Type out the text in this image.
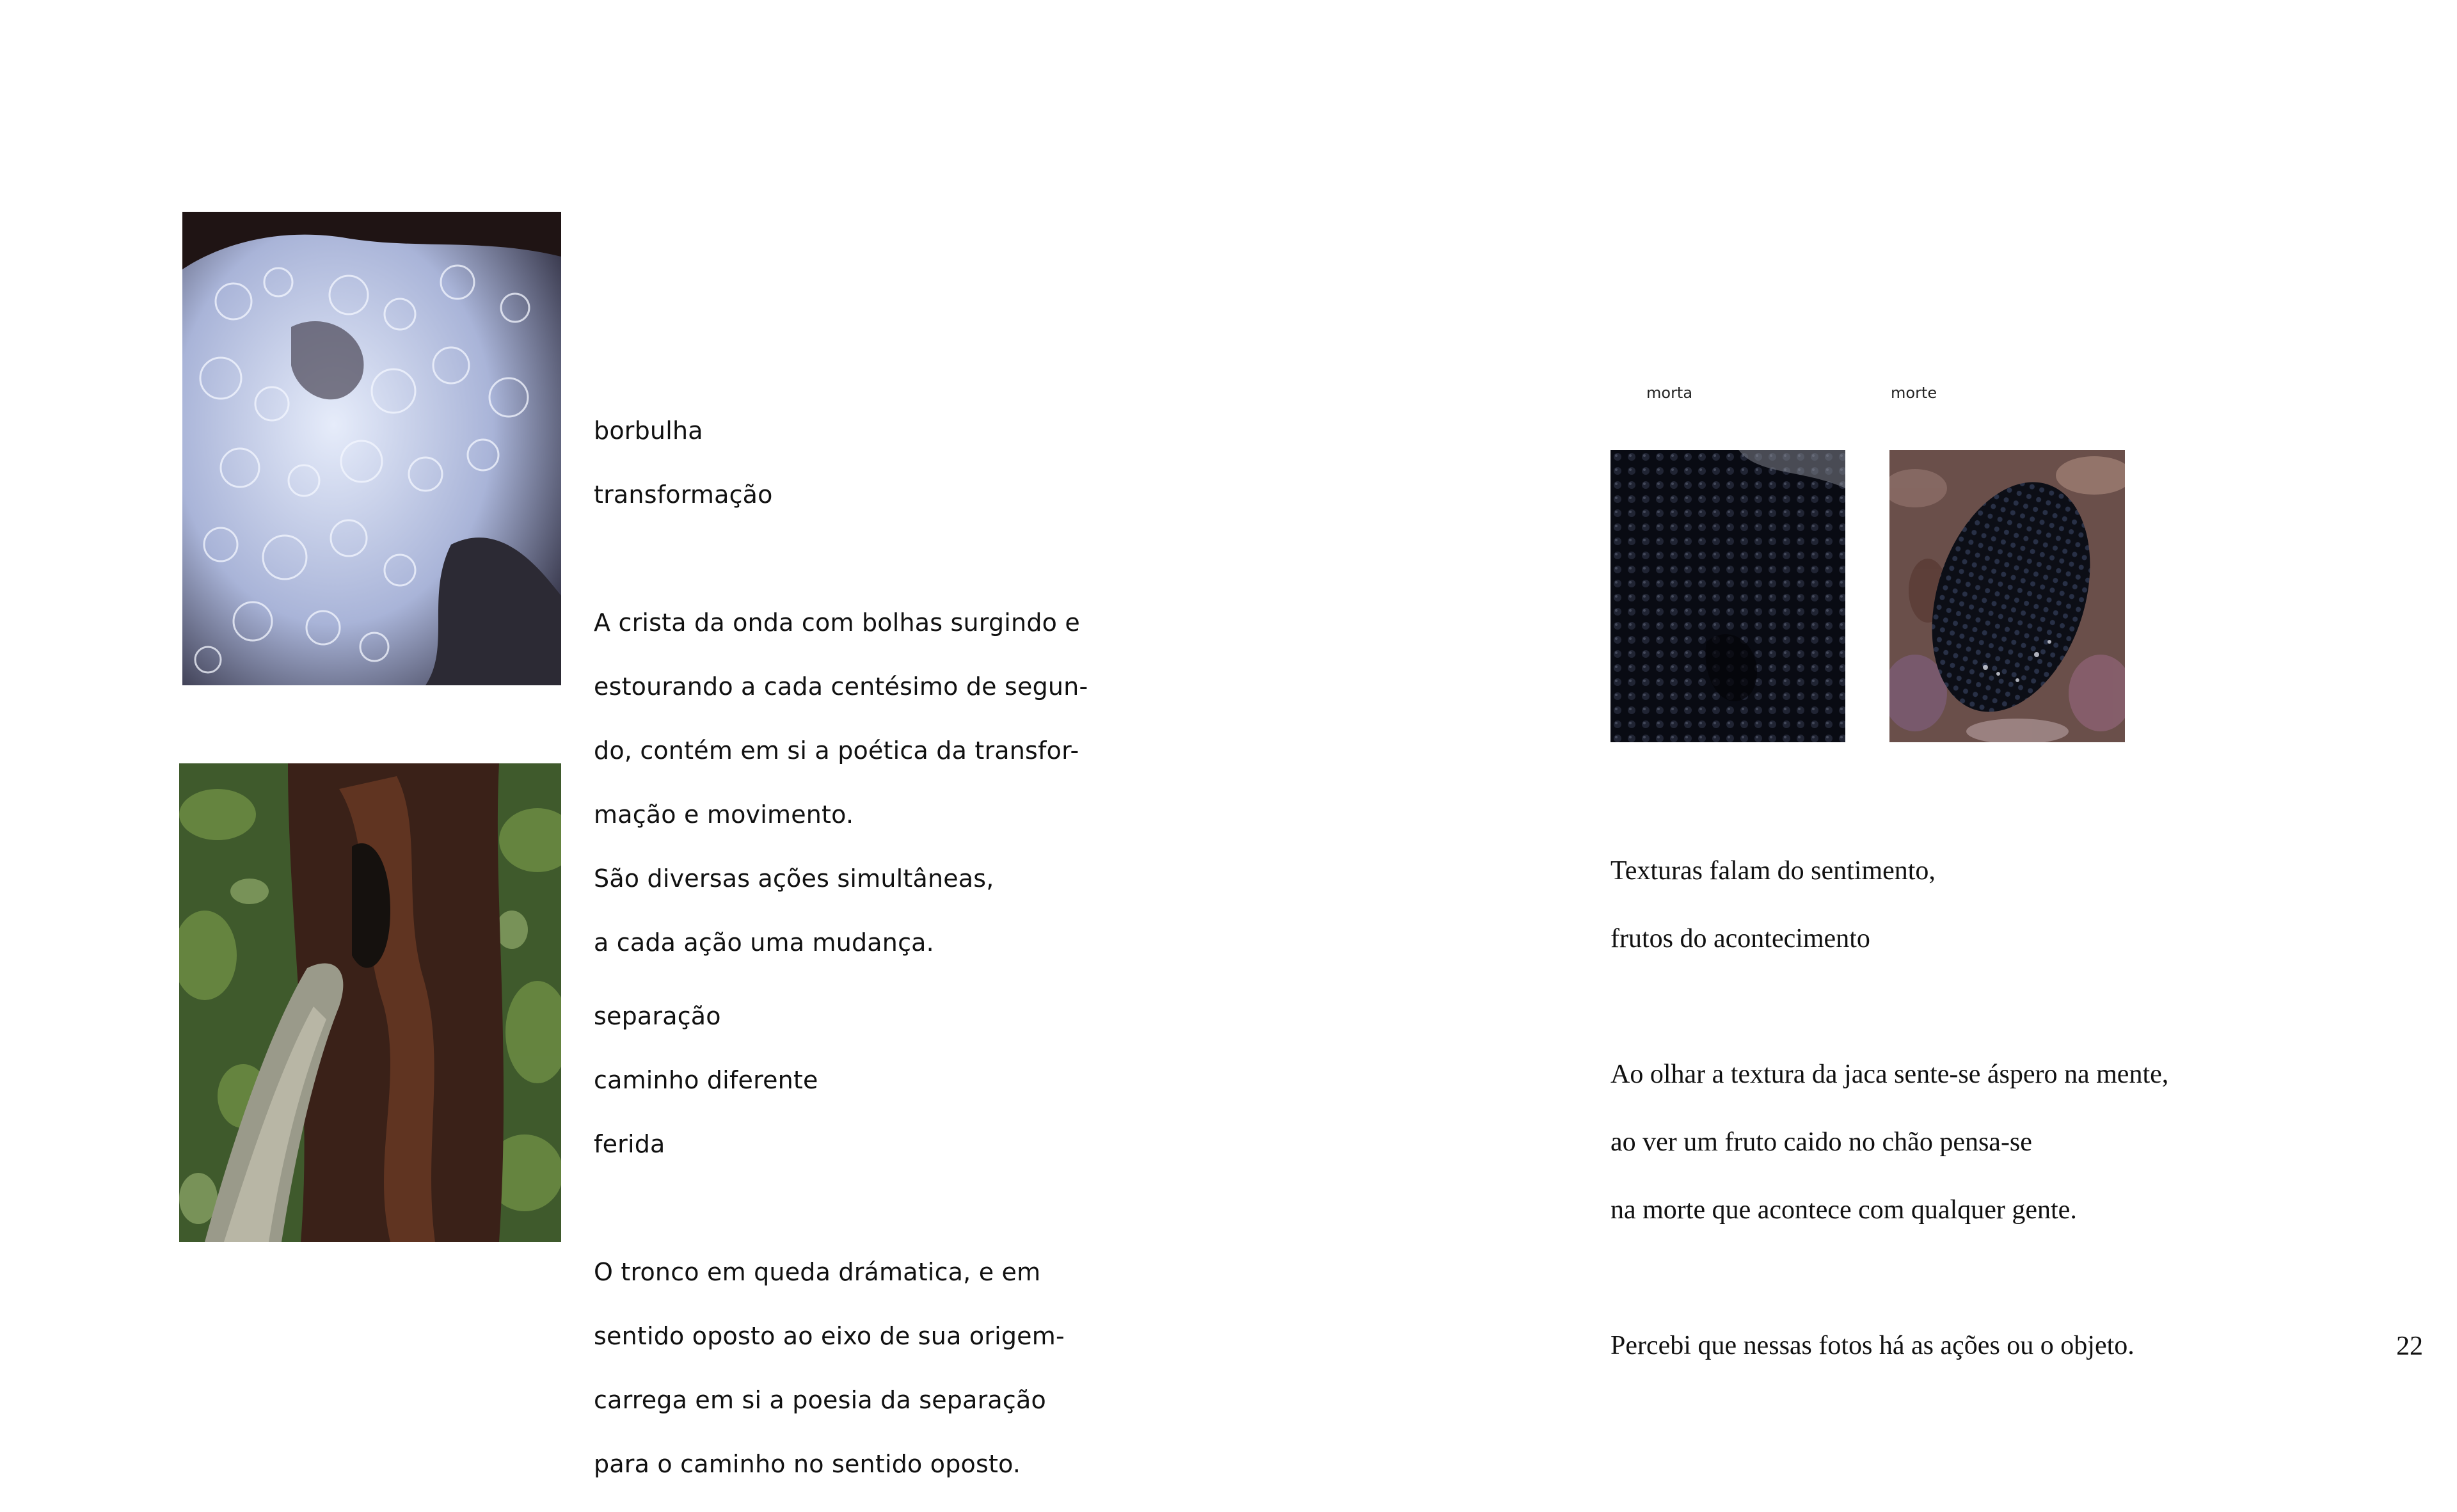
borbulha

transformação

A crista da onda com bolhas surgindo e

estourando a cada centésimo de segun-

do, contém em si a poética da transfor-

mação e movimento.

São diversas ações simultâneas,

a cada ação uma mudança.

separação

caminho diferente

ferida

O tronco em queda drámatica, e em

sentido oposto ao eixo de sua origem-

carrega em si a poesia da separação

para o caminho no sentido oposto.

morta	morte

Texturas falam do sentimento,

frutos do acontecimento

Ao olhar a textura da jaca sente-se áspero na mente,

ao ver um fruto caido no chão pensa-se

na morte que acontece com qualquer gente.

Percebi que nessas fotos há as ações ou o objeto.	22
